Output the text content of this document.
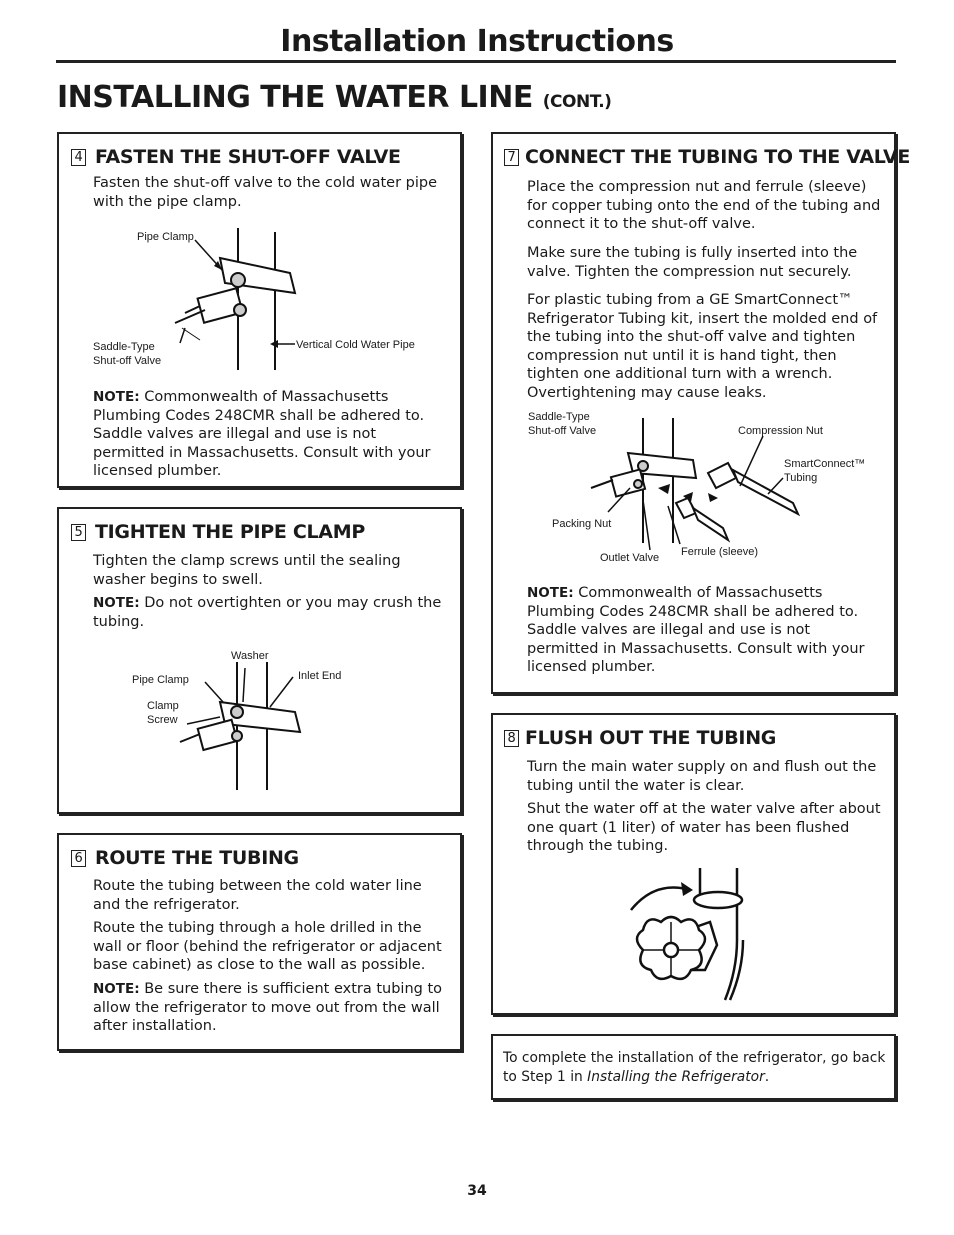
Installation Instructions
INSTALLING THE WATER LINE (CONT.)
4 FASTEN THE SHUT-OFF VALVE
Fasten the shut-off valve to the cold water pipe with the pipe clamp.
Pipe Clamp
Saddle-Type Shut-off Valve
Vertical Cold Water Pipe
NOTE: Commonwealth of Massachusetts Plumbing Codes 248CMR shall be adhered to. Saddle valves are illegal and use is not permitted in Massachusetts. Consult with your licensed plumber.
5 TIGHTEN THE PIPE CLAMP
Tighten the clamp screws until the sealing washer begins to swell.
NOTE: Do not overtighten or you may crush the tubing.
Washer
Pipe Clamp	Inlet End
Clamp Screw
6 ROUTE THE TUBING
Route the tubing between the cold water line and the refrigerator.
Route the tubing through a hole drilled in the wall or floor (behind the refrigerator or adjacent base cabinet) as close to the wall as possible.
NOTE: Be sure there is sufficient extra tubing to allow the refrigerator to move out from the wall after installation.
7 CONNECT THE TUBING TO THE VALVE
Place the compression nut and ferrule (sleeve) for copper tubing onto the end of the tubing and connect it to the shut-off valve.
Make sure the tubing is fully inserted into the valve. Tighten the compression nut securely.
For plastic tubing from a GE SmartConnect™ Refrigerator Tubing kit, insert the molded end of the tubing into the shut-off valve and tighten compression nut until it is hand tight, then tighten one additional turn with a wrench. Overtightening may cause leaks.
Saddle-Type Shut-off Valve	Compression Nut
SmartConnect™ Tubing
Packing Nut
Outlet Valve Ferrule (sleeve)
NOTE: Commonwealth of Massachusetts Plumbing Codes 248CMR shall be adhered to. Saddle valves are illegal and use is not permitted in Massachusetts. Consult with your licensed plumber.
8 FLUSH OUT THE TUBING
Turn the main water supply on and flush out the tubing until the water is clear.
Shut the water off at the water valve after about one quart (1 liter) of water has been flushed through the tubing.
To complete the installation of the refrigerator, go back to Step 1 in Installing the Refrigerator.
34
